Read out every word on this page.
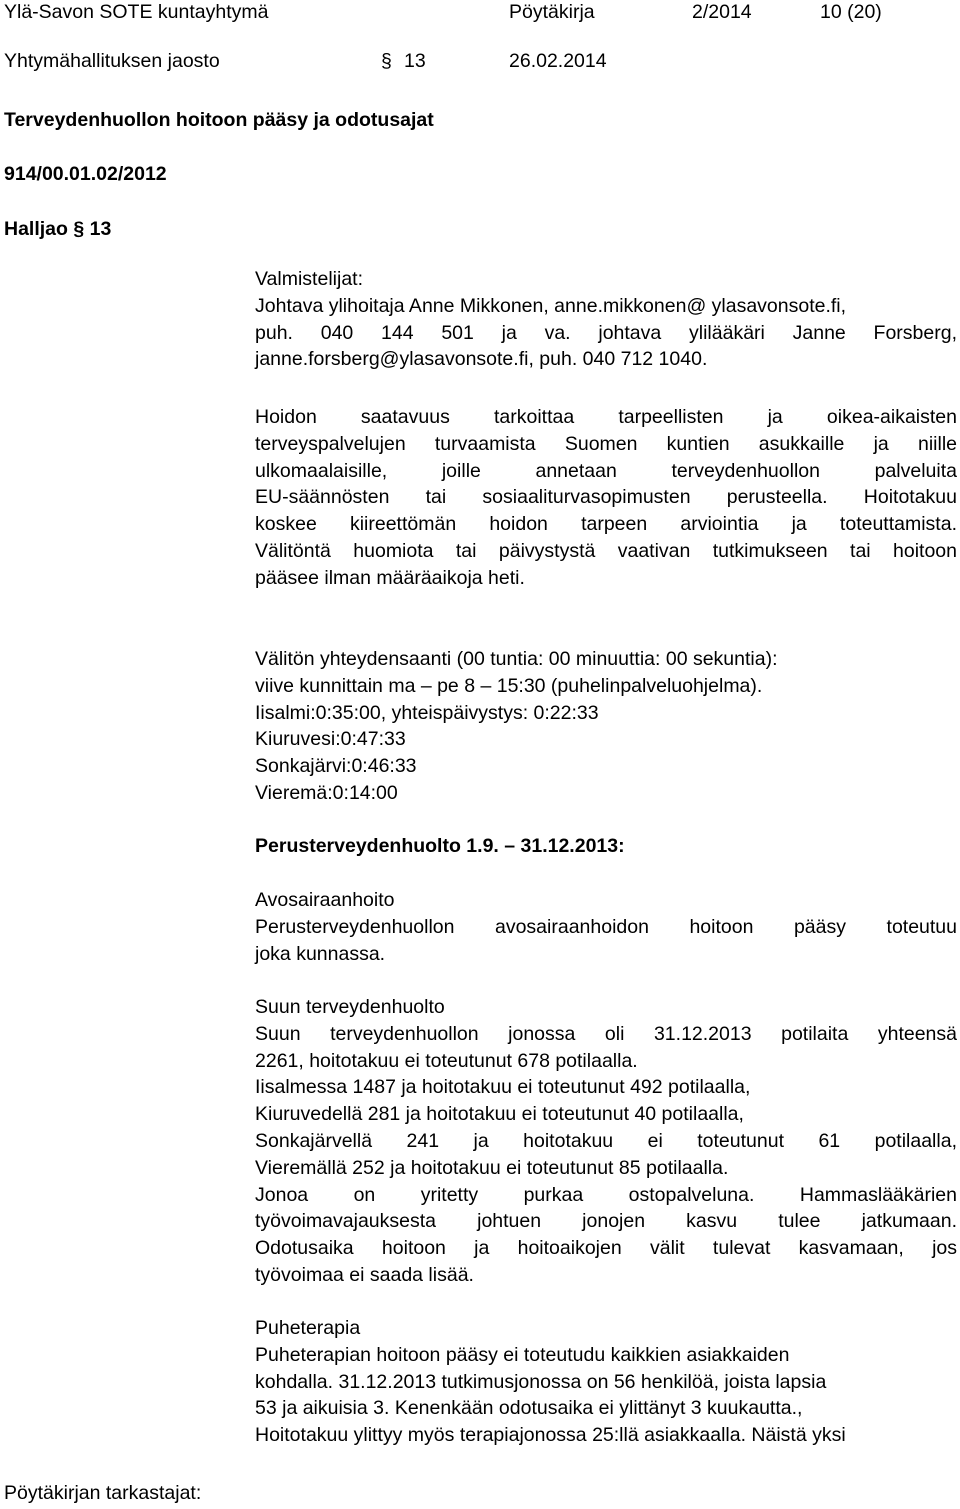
Ylä-Savon SOTE kuntayhtymä	Pöytäkirja	2/2014	10 (20)
Yhtymähallituksen jaosto	§ 13	26.02.2014
Terveydenhuollon hoitoon pääsy ja odotusajat
914/00.01.02/2012
Halljao § 13
Valmistelijat:
Johtava ylihoitaja Anne Mikkonen, anne.mikkonen@ ylasavonsote.fi,
puh. 040 144 501 ja va. johtava ylilääkäri Janne Forsberg,
janne.forsberg@ylasavonsote.fi, puh. 040 712 1040.
Hoidon saatavuus tarkoittaa tarpeellisten ja oikea-aikaisten
terveyspalvelujen turvaamista Suomen kuntien asukkaille ja niille
ulkomaalaisille, joille annetaan terveydenhuollon palveluita
EU-säännösten tai sosiaaliturvasopimusten perusteella. Hoitotakuu
koskee kiireettömän hoidon tarpeen arviointia ja toteuttamista.
Välitöntä huomiota tai päivystystä vaativan tutkimukseen tai hoitoon
pääsee ilman määräaikoja heti.
Välitön yhteydensaanti (00 tuntia: 00 minuuttia: 00 sekuntia):
viive kunnittain ma – pe 8 – 15:30 (puhelinpalveluohjelma).
Iisalmi:0:35:00, yhteispäivystys: 0:22:33
Kiuruvesi:0:47:33
Sonkajärvi:0:46:33
Vieremä:0:14:00
Perusterveydenhuolto 1.9. – 31.12.2013:
Avosairaanhoito
Perusterveydenhuollon avosairaanhoidon hoitoon pääsy toteutuu
joka kunnassa.
Suun terveydenhuolto
Suun terveydenhuollon jonossa oli 31.12.2013 potilaita yhteensä
2261, hoitotakuu ei toteutunut 678 potilaalla.
Iisalmessa 1487 ja hoitotakuu ei toteutunut 492 potilaalla,
Kiuruvedellä 281 ja hoitotakuu ei toteutunut 40 potilaalla,
Sonkajärvellä 241 ja hoitotakuu ei toteutunut 61 potilaalla,
Vieremällä 252 ja hoitotakuu ei toteutunut 85 potilaalla.
Jonoa on yritetty purkaa ostopalveluna. Hammaslääkärien
työvoimavajauksesta johtuen jonojen kasvu tulee jatkumaan.
Odotusaika hoitoon ja hoitoaikojen välit tulevat kasvamaan, jos
työvoimaa ei saada lisää.
Puheterapia
Puheterapian hoitoon pääsy ei toteutudu kaikkien asiakkaiden
kohdalla. 31.12.2013 tutkimusjonossa on 56 henkilöä, joista lapsia
53 ja aikuisia 3. Kenenkään odotusaika ei ylittänyt 3 kuukautta.,
Hoitotakuu ylittyy myös terapiajonossa 25:llä asiakkaalla. Näistä yksi
Pöytäkirjan tarkastajat:
